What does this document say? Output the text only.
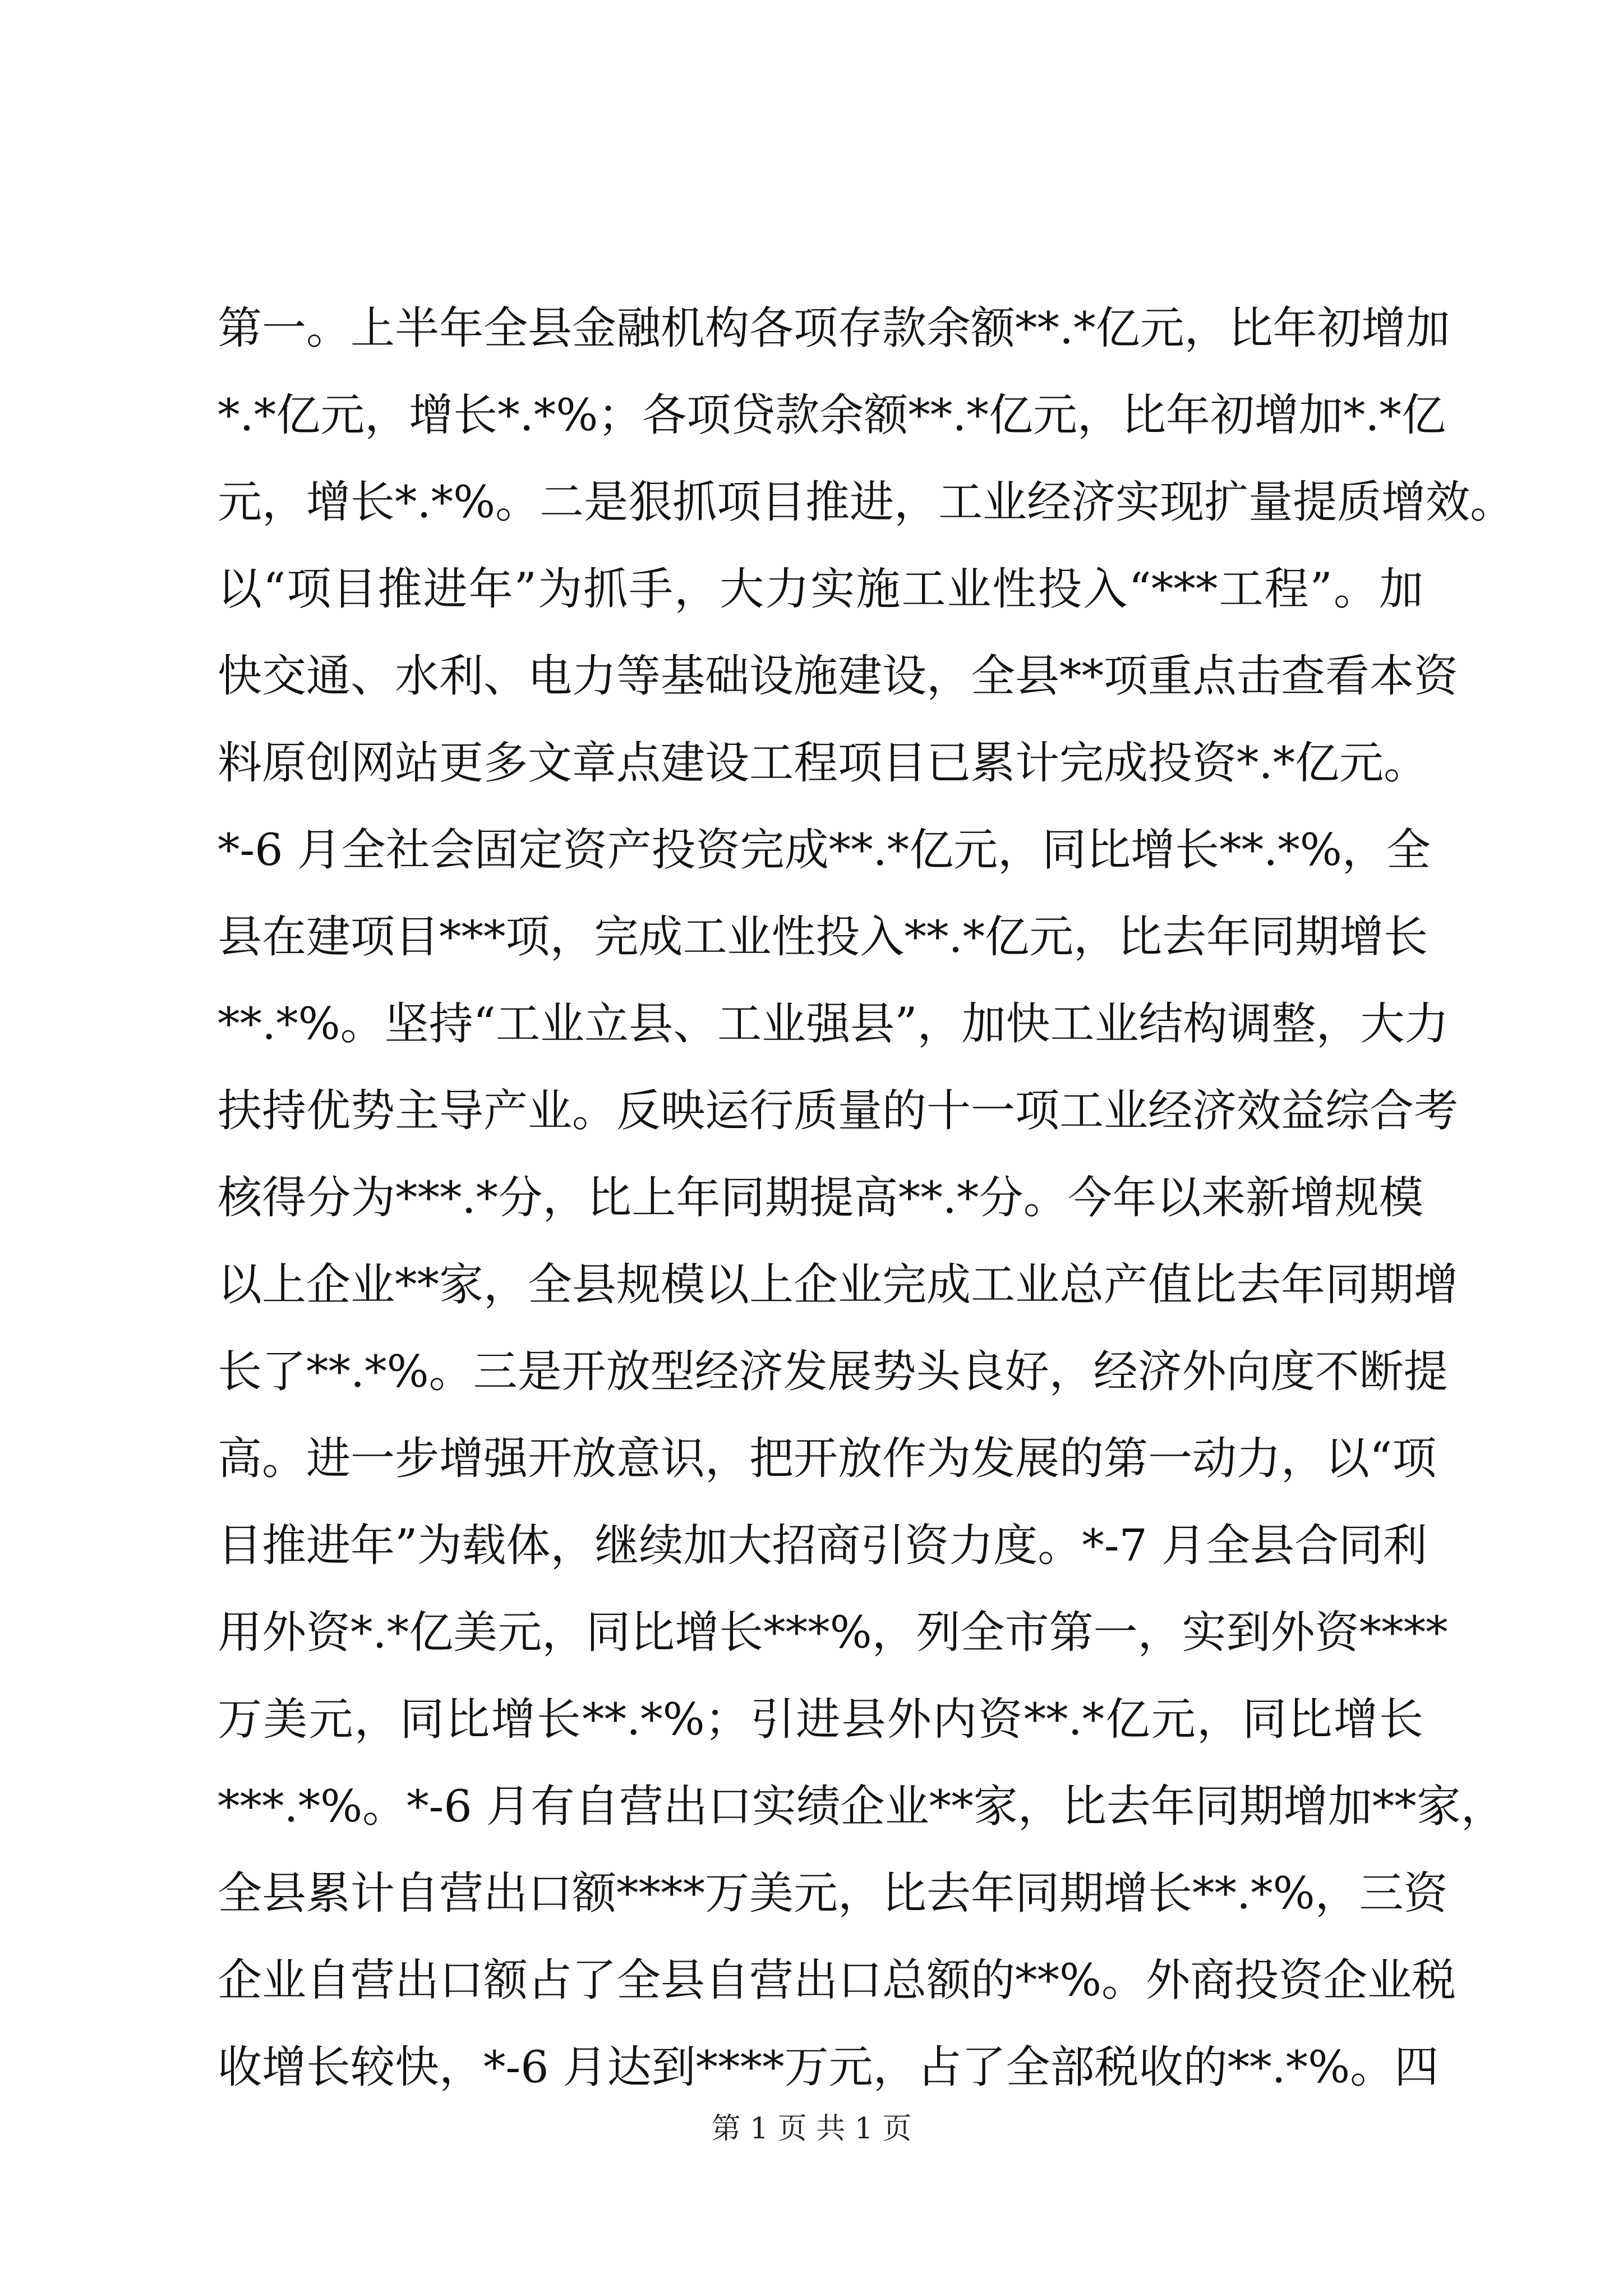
第一。上半年全县金融机构各项存款余额**.*亿元，比年初增加
*.*亿元，增长*.*%；各项贷款余额**.*亿元，比年初增加*.*亿
元，增长*.*%。二是狠抓项目推进，工业经济实现扩量提质增效。
以“项目推进年”为抓手，大力实施工业性投入“***工程”。加
快交通、水利、电力等基础设施建设，全县**项重点击查看本资
料原创网站更多文章点建设工程项目已累计完成投资*.*亿元。
*-6 月全社会固定资产投资完成**.*亿元，同比增长**.*%，全
县在建项目***项，完成工业性投入**.*亿元，比去年同期增长
**.*%。坚持“工业立县、工业强县”，加快工业结构调整，大力
扶持优势主导产业。反映运行质量的十一项工业经济效益综合考
核得分为***.*分，比上年同期提高**.*分。今年以来新增规模
以上企业**家，全县规模以上企业完成工业总产值比去年同期增
长了**.*%。三是开放型经济发展势头良好，经济外向度不断提
高。进一步增强开放意识，把开放作为发展的第一动力，以“项
目推进年”为载体，继续加大招商引资力度。*-7 月全县合同利
用外资*.*亿美元，同比增长***%，列全市第一，实到外资****
万美元，同比增长**.*%；引进县外内资**.*亿元，同比增长
***.*%。*-6 月有自营出口实绩企业**家，比去年同期增加**家，
全县累计自营出口额****万美元，比去年同期增长**.*%，三资
企业自营出口额占了全县自营出口总额的**%。外商投资企业税
收增长较快，*-6 月达到****万元，占了全部税收的**.*%。四
第 1 页 共 1 页
